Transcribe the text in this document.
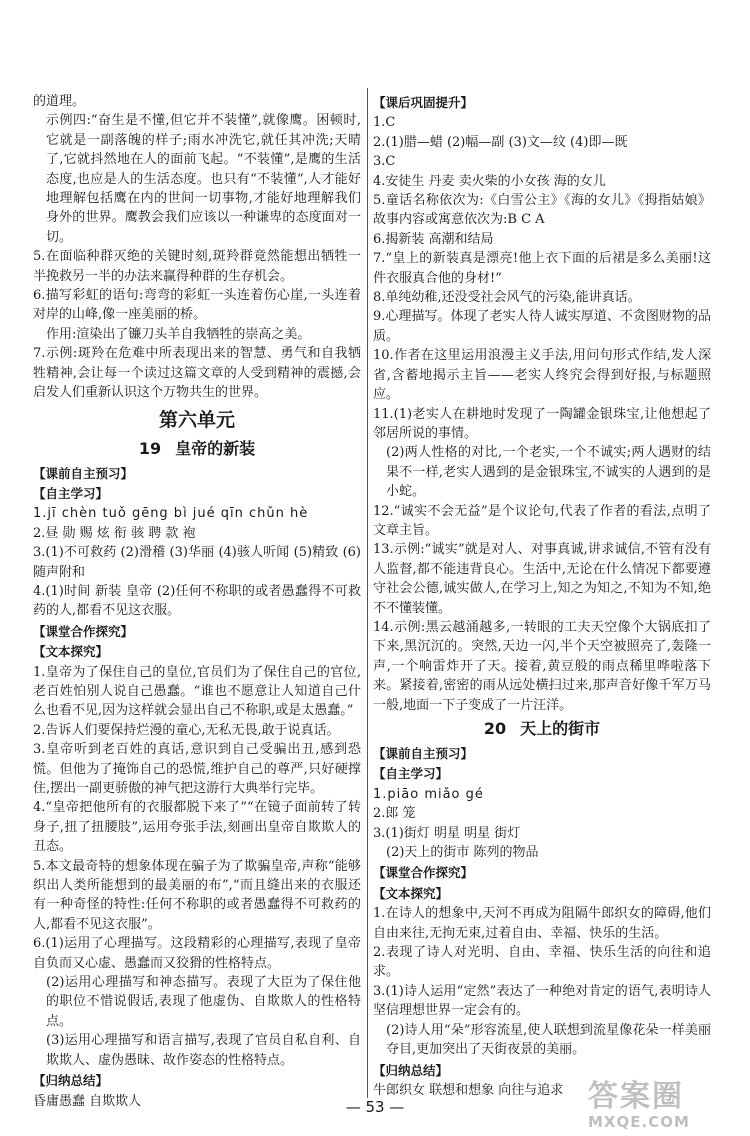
的道理。

示例四:“奋生是不懂,但它并不装懂”,就像鹰。困顿时,它就是一副落魄的样子;雨水冲洗它,就任其冲洗;天晴了,它就抖然地在人的面前飞起。“不装懂”,是鹰的生活态度,也应是人的生活态度。也只有“不装懂”,人才能好地理解包括鹰在内的世间一切事物,才能好地理解我们身外的世界。鹰教会我们应该以一种谦卑的态度面对一切。

5.在面临种群灭绝的关键时刻,斑羚群竟然能想出牺牲一半挽救另一半的办法来赢得种群的生存机会。

6.描写彩虹的语句:弯弯的彩虹一头连着伤心崖,一头连着对岸的山峰,像一座美丽的桥。

作用:渲染出了镰刀头羊自我牺牲的崇高之美。

7.示例:斑羚在危难中所表现出来的智慧、勇气和自我牺牲精神,会让每一个读过这篇文章的人受到精神的震撼,会启发人们重新认识这个万物共生的世界。

第六单元
19 皇帝的新装
【课前自主预习】
【自主学习】

1.jī chèn tuǒ gēng bì jué qīn chǔn hè

2.昼 勋 赐 炫 衔 骇 聘 款 袍

3.(1)不可救药 (2)滑稽 (3)华丽 (4)骇人听闻 (5)精致 (6)随声附和

4.(1)时间 新装 皇帝 (2)任何不称职的或者愚蠢得不可救药的人,都看不见这衣服。

【课堂合作探究】
【文本探究】

1.皇帝为了保住自己的皇位,官员们为了保住自己的官位,老百姓怕别人说自己愚蠢。“谁也不愿意让人知道自己什么也看不见,因为这样就会显出自己不称职,或是太愚蠢。”

2.告诉人们要保持烂漫的童心,无私无畏,敢于说真话。

3.皇帝听到老百姓的真话,意识到自己受骗出丑,感到恐慌。但他为了掩饰自己的恐慌,维护自己的尊严,只好硬撑住,摆出一副更骄傲的神气把这游行大典举行完毕。

4.“皇帝把他所有的衣服都脱下来了”“在镜子面前转了转身子,扭了扭腰肢”,运用夸张手法,刻画出皇帝自欺欺人的丑态。

5.本文最奇特的想象体现在骗子为了欺骗皇帝,声称“能够织出人类所能想到的最美丽的布”,“而且缝出来的衣服还有一种奇怪的特性:任何不称职的或者愚蠢得不可救药的人,都看不见这衣服”。

6.(1)运用了心理描写。这段精彩的心理描写,表现了皇帝自负而又心虚、愚蠢而又狡猾的性格特点。

(2)运用心理描写和神态描写。表现了大臣为了保住他的职位不惜说假话,表现了他虚伪、自欺欺人的性格特点。

(3)运用心理描写和语言描写,表现了官员自私自利、自欺欺人、虚伪愚昧、故作姿态的性格特点。

【归纳总结】

昏庸愚蠢 自欺欺人

【课后巩固提升】

1.C

2.(1)腊—蜡 (2)幅—副 (3)文—纹 (4)即—既

3.C

4.安徒生 丹麦 卖火柴的小女孩 海的女儿

5.童话名称依次为:《白雪公主》《海的女儿》《拇指姑娘》故事内容或寓意依次为:B C A

6.揭新装 高潮和结局

7.“皇上的新装真是漂亮!他上衣下面的后裙是多么美丽!这件衣服真合他的身材!”

8.单纯幼稚,还没受社会风气的污染,能讲真话。

9.心理描写。体现了老实人待人诚实厚道、不贪图财物的品质。

10.作者在这里运用浪漫主义手法,用问句形式作结,发人深省,含蓄地揭示主旨——老实人终究会得到好报,与标题照应。

11.(1)老实人在耕地时发现了一陶罐金银珠宝,让他想起了邻居所说的事情。

(2)两人性格的对比,一个老实,一个不诚实;两人遇财的结果不一样,老实人遇到的是金银珠宝,不诚实的人遇到的是小蛇。

12.“诚实不会无益”是个议论句,代表了作者的看法,点明了文章主旨。

13.示例:“诚实”就是对人、对事真诚,讲求诚信,不管有没有人监督,都不能违背良心。生活中,无论在什么情况下都要遵守社会公德,诚实做人,在学习上,知之为知之,不知为不知,绝不不懂装懂。

14.示例:黑云越涌越多,一转眼的工夫天空像个大锅底扣了下来,黑沉沉的。突然,天边一闪,半个天空被照亮了,轰隆一声,一个响雷炸开了天。接着,黄豆般的雨点稀里哗啦落下来。紧接着,密密的雨从远处横扫过来,那声音好像千军万马一般,地面一下子变成了一片汪洋。

20 天上的街市
【课前自主预习】
【自主学习】

1.piāo miǎo gé

2.郎 笼

3.(1)街灯 明星 明星 街灯

(2)天上的街市 陈列的物品

【课堂合作探究】
【文本探究】

1.在诗人的想象中,天河不再成为阻隔牛郎织女的障碍,他们自由来往,无拘无束,过着自由、幸福、快乐的生活。

2.表现了诗人对光明、自由、幸福、快乐生活的向往和追求。

3.(1)诗人运用“定然”表达了一种绝对肯定的语气,表明诗人坚信理想世界一定会有的。

(2)诗人用“朵”形容流星,使人联想到流星像花朵一样美丽夺目,更加突出了天街夜景的美丽。

【归纳总结】

牛郎织女 联想和想象 向往与追求

— 53 —	答案圈
MXQE.COM
